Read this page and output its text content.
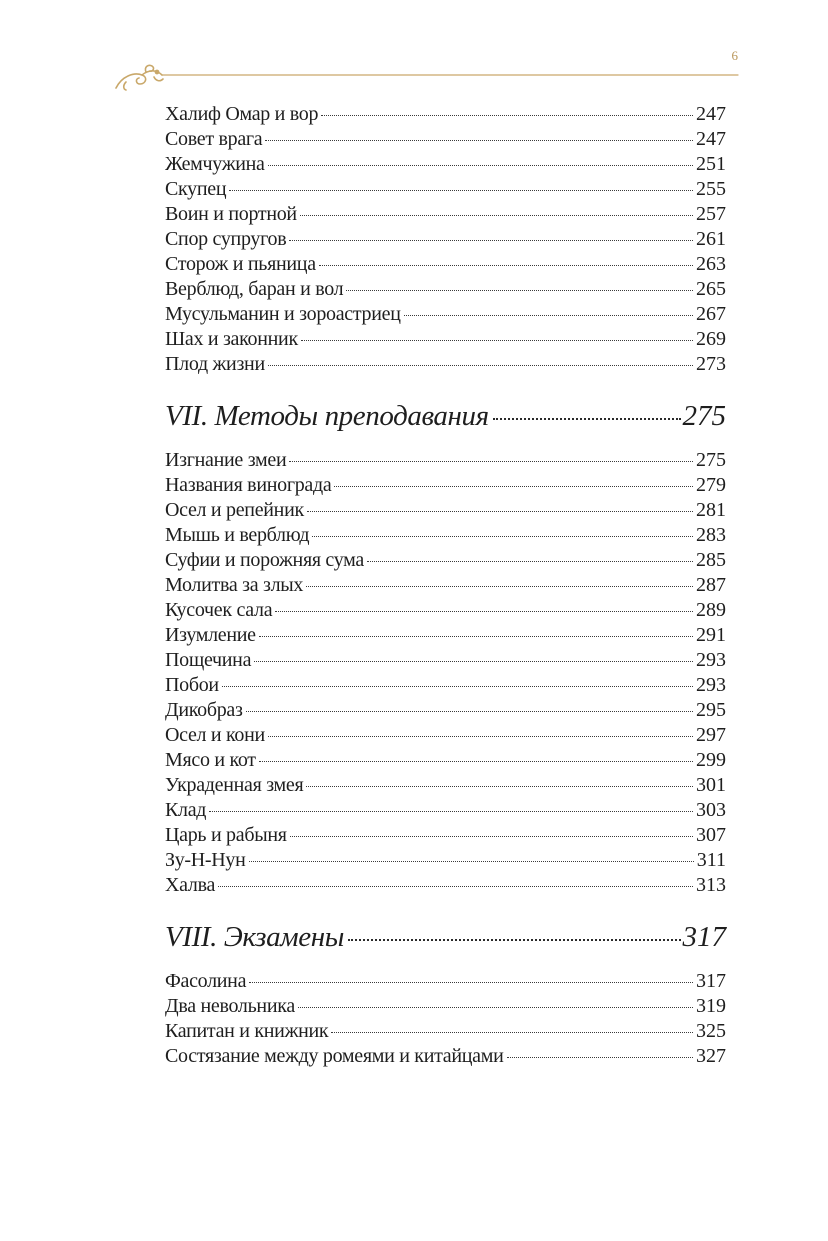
6
Халиф Омар и вор	247
Совет врага	247
Жемчужина	251
Скупец	255
Воин и портной	257
Спор супругов	261
Сторож и пьяница	263
Верблюд, баран и вол	265
Мусульманин и зороастриец	267
Шах и законник	269
Плод жизни	273
VII. Методы преподавания	275
Изгнание змеи	275
Названия винограда	279
Осел и репейник	281
Мышь и верблюд	283
Суфии и порожняя сума	285
Молитва за злых	287
Кусочек сала	289
Изумление	291
Пощечина	293
Побои	293
Дикобраз	295
Осел и кони	297
Мясо и кот	299
Украденная змея	301
Клад	303
Царь и рабыня	307
Зу-Н-Нун	311
Халва	313
VIII. Экзамены	317
Фасолина	317
Два невольника	319
Капитан и книжник	325
Состязание между ромеями и китайцами	327
